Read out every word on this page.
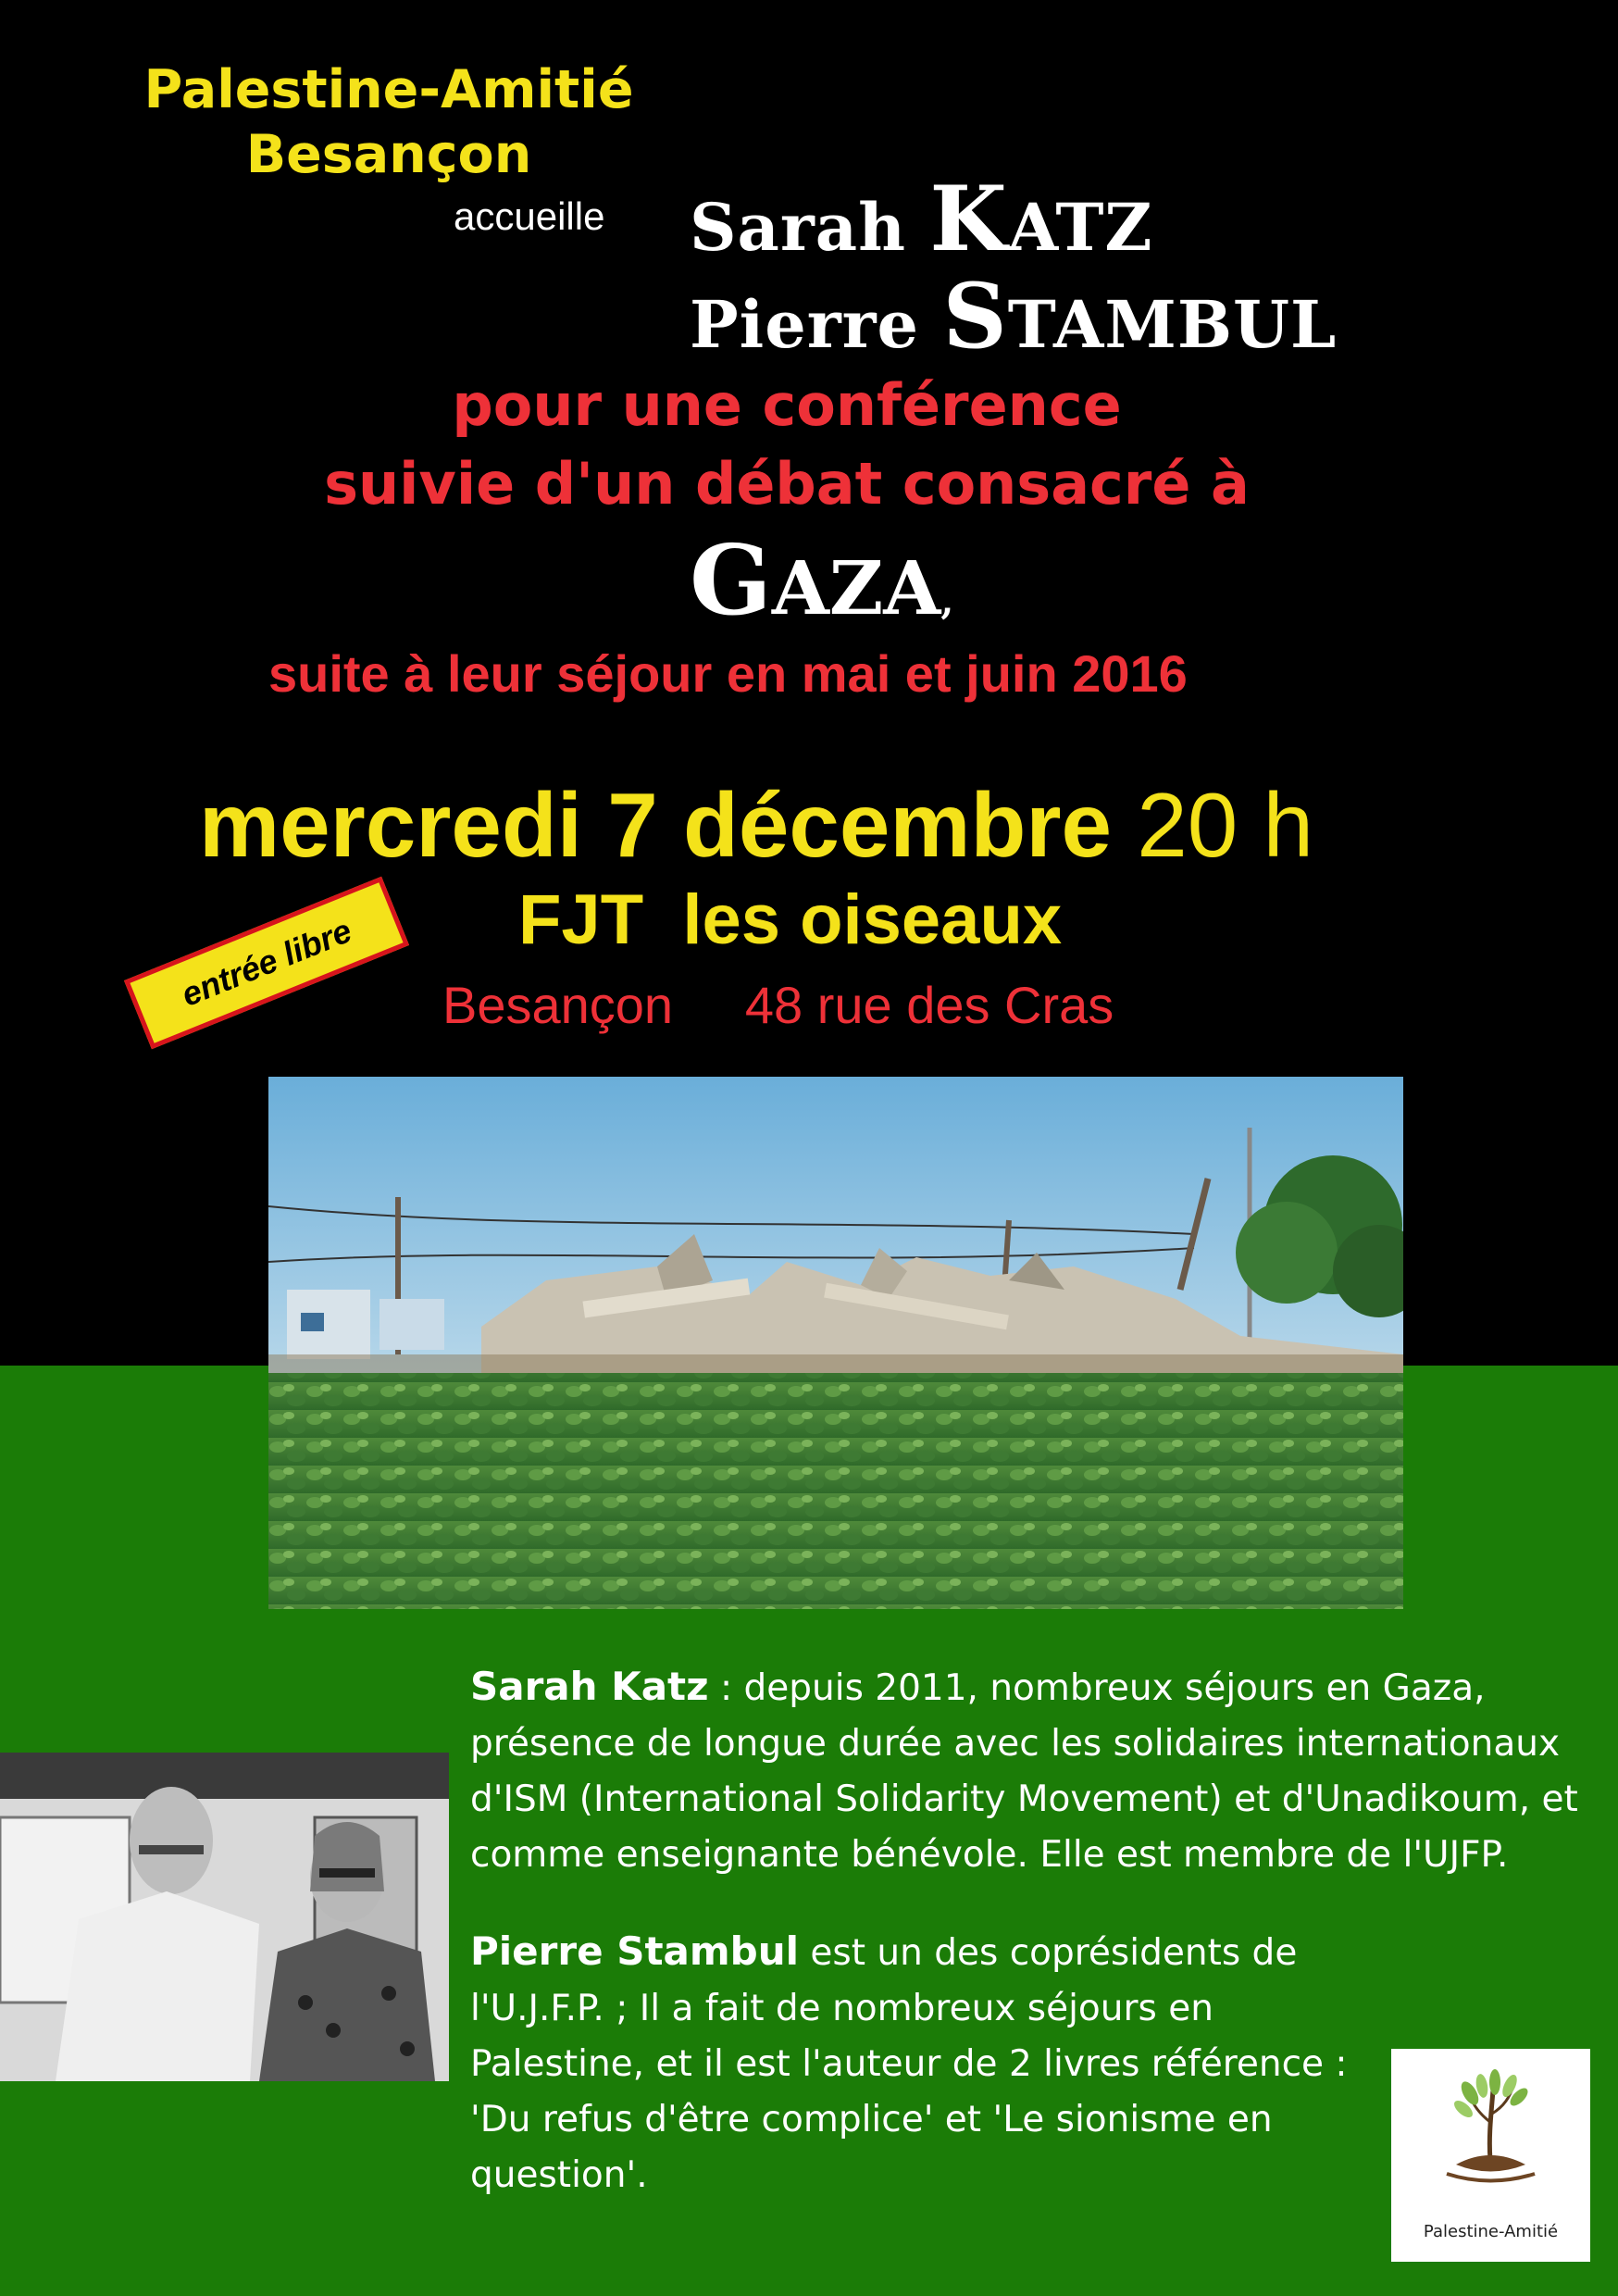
Palestine-Amitié
Besançon
accueille Sarah KATZ
Pierre STAMBUL
pour une conférence
suivie d'un débat consacré à
GAZA,
suite à leur séjour en mai et juin 2016
mercredi 7 décembre 20 h
FJT  les oiseaux
Besançon     48 rue des Cras
entrée libre
Sarah Katz : depuis 2011, nombreux séjours en Gaza, présence de longue durée avec les solidaires internationaux d'ISM (International Solidarity Movement) et d'Unadikoum, et comme enseignante bénévole. Elle est membre de l'UJFP.
Pierre Stambul est un des coprésidents de l'U.J.F.P. ; Il a fait de nombreux séjours en Palestine, et il est l'auteur de 2 livres référence : 'Du refus d'être complice' et 'Le sionisme en question'.
Palestine-Amitié
